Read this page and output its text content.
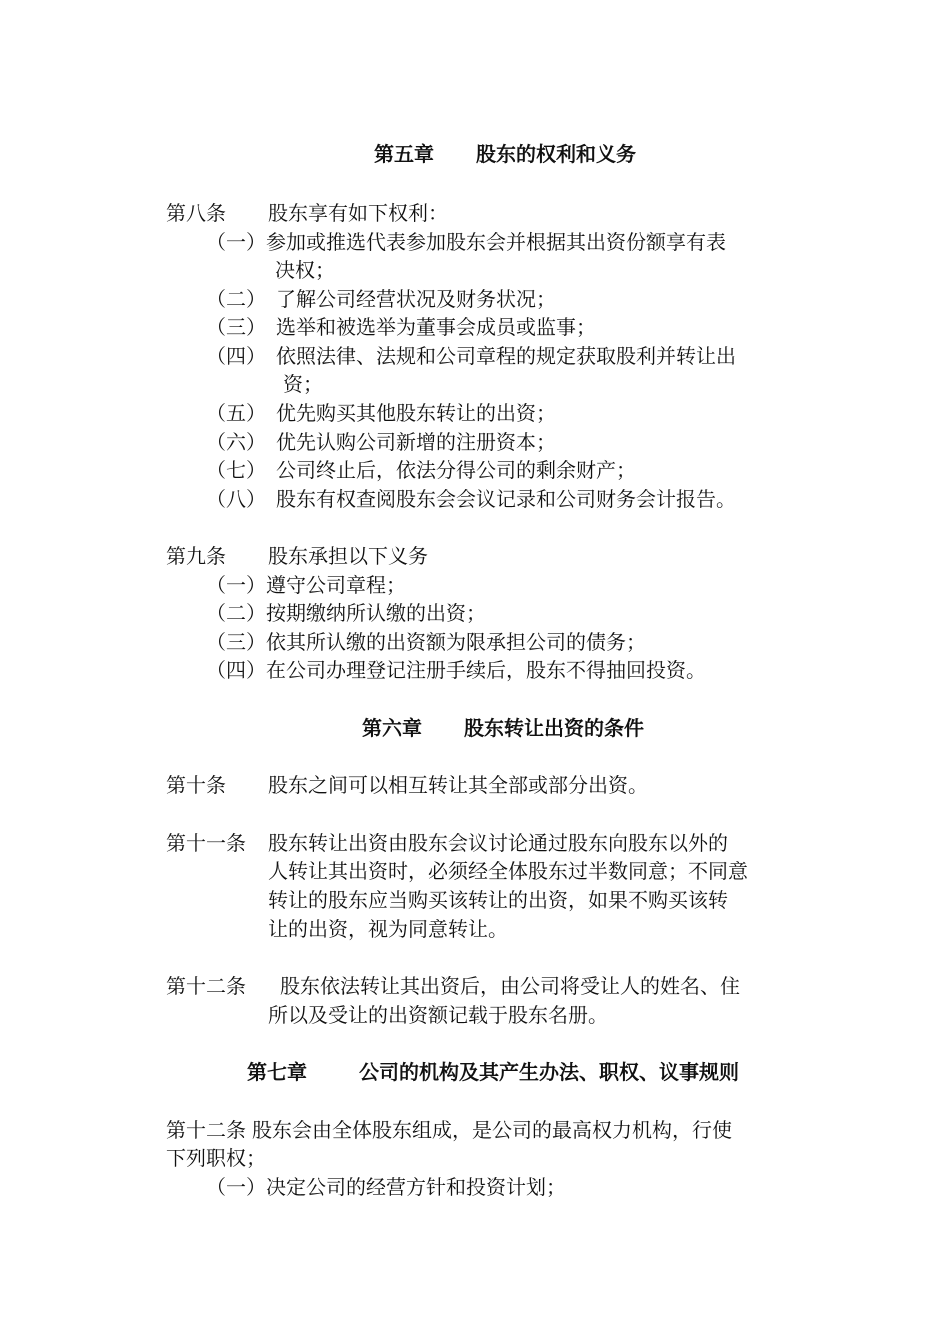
第五章 股东的权利和义务
第八条 股东享有如下权利：
（一）参加或推选代表参加股东会并根据其出资份额享有表
决权；
（二） 了解公司经营状况及财务状况；
（三） 选举和被选举为董事会成员或监事；
（四） 依照法律、法规和公司章程的规定获取股利并转让出
资；
（五） 优先购买其他股东转让的出资；
（六） 优先认购公司新增的注册资本；
（七） 公司终止后，依法分得公司的剩余财产；
（八） 股东有权查阅股东会会议记录和公司财务会计报告。
第九条 股东承担以下义务
（一）遵守公司章程；
（二）按期缴纳所认缴的出资；
（三）依其所认缴的出资额为限承担公司的债务；
（四）在公司办理登记注册手续后，股东不得抽回投资。
第六章 股东转让出资的条件
第十条 股东之间可以相互转让其全部或部分出资。
第十一条 股东转让出资由股东会议讨论通过股东向股东以外的
人转让其出资时，必须经全体股东过半数同意；不同意
转让的股东应当购买该转让的出资，如果不购买该转
让的出资，视为同意转让。
第十二条 股东依法转让其出资后，由公司将受让人的姓名、住
所以及受让的出资额记载于股东名册。
第七章	公司的机构及其产生办法、职权、议事规则
第十二条 股东会由全体股东组成，是公司的最高权力机构，行使
下列职权；
（一）决定公司的经营方针和投资计划；
